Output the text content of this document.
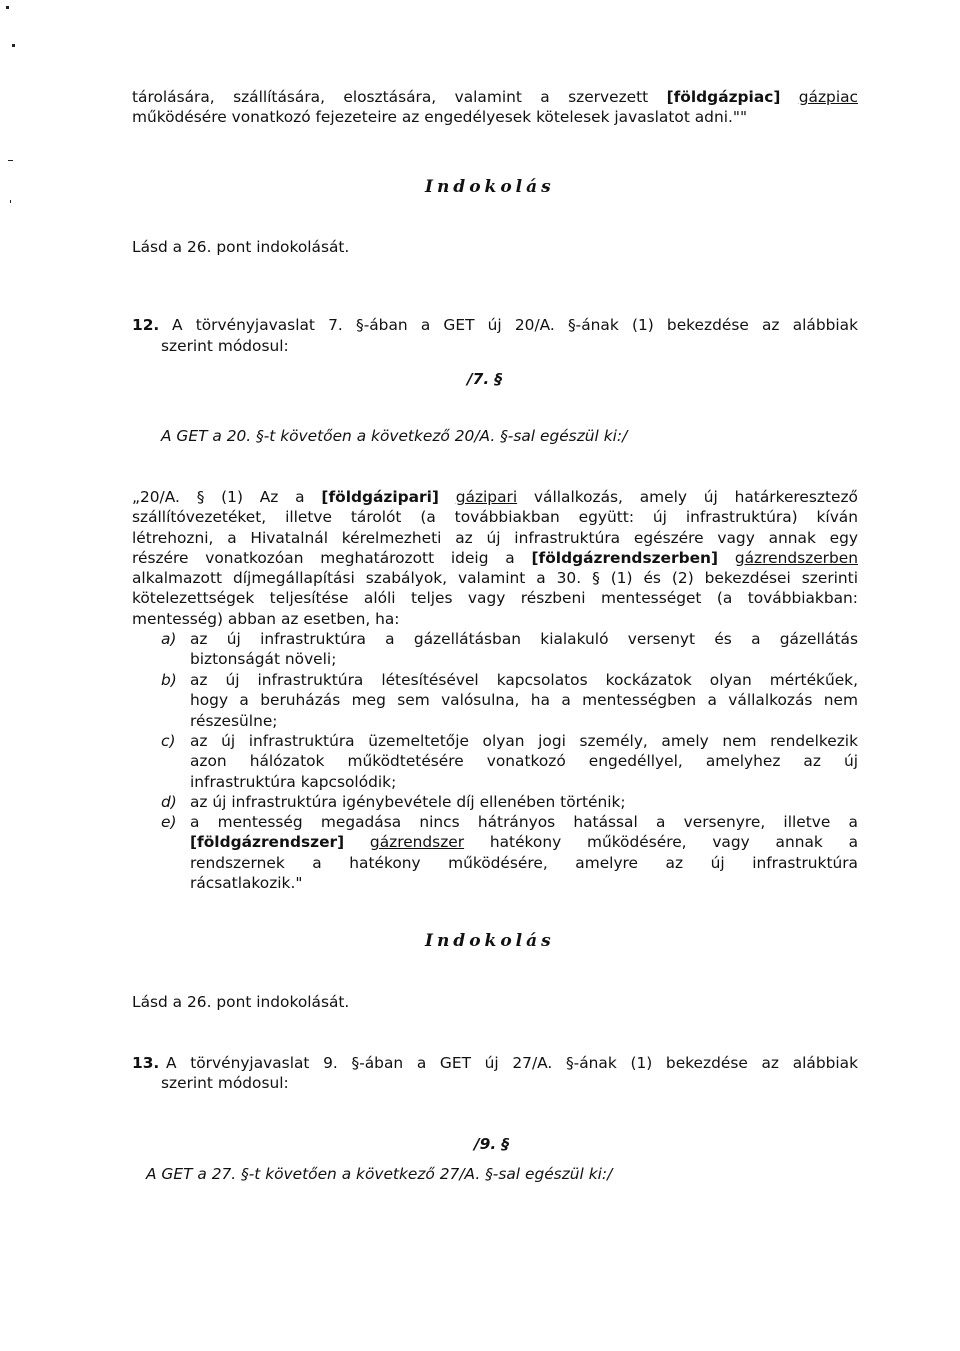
tárolására, szállítására, elosztására, valamint a szervezett [földgázpiac] gázpiac
működésére vonatkozó fejezeteire az engedélyesek kötelesek javaslatot adni.""
Indokolás
Lásd a 26. pont indokolását.
12. A törvényjavaslat 7. §-ában a GET új 20/A. §-ának (1) bekezdése az alábbiak
szerint módosul:
/7. §
A GET a 20. §-t követően a következő 20/A. §-sal egészül ki:/
„20/A. § (1) Az a [földgázipari] gázipari vállalkozás, amely új határkeresztező
szállítóvezetéket, illetve tárolót (a továbbiakban együtt: új infrastruktúra) kíván
létrehozni, a Hivatalnál kérelmezheti az új infrastruktúra egészére vagy annak egy
részére vonatkozóan meghatározott ideig a [földgázrendszerben] gázrendszerben
alkalmazott díjmegállapítási szabályok, valamint a 30. § (1) és (2) bekezdései szerinti
kötelezettségek teljesítése alóli teljes vagy részbeni mentességet (a továbbiakban:
mentesség) abban az esetben, ha:
a) az új infrastruktúra a gázellátásban kialakuló versenyt és a gázellátás
biztonságát növeli;
b) az új infrastruktúra létesítésével kapcsolatos kockázatok olyan mértékűek,
hogy a beruházás meg sem valósulna, ha a mentességben a vállalkozás nem
részesülne;
c) az új infrastruktúra üzemeltetője olyan jogi személy, amely nem rendelkezik
azon hálózatok működtetésére vonatkozó engedéllyel, amelyhez az új
infrastruktúra kapcsolódik;
d) az új infrastruktúra igénybevétele díj ellenében történik;
e) a mentesség megadása nincs hátrányos hatással a versenyre, illetve a
[földgázrendszer] gázrendszer hatékony működésére, vagy annak a
rendszernek a hatékony működésére, amelyre az új infrastruktúra
rácsatlakozik."
Indokolás
Lásd a 26. pont indokolását.
13. A törvényjavaslat 9. §-ában a GET új 27/A. §-ának (1) bekezdése az alábbiak
szerint módosul:
/9. §
A GET a 27. §-t követően a következő 27/A. §-sal egészül ki:/
